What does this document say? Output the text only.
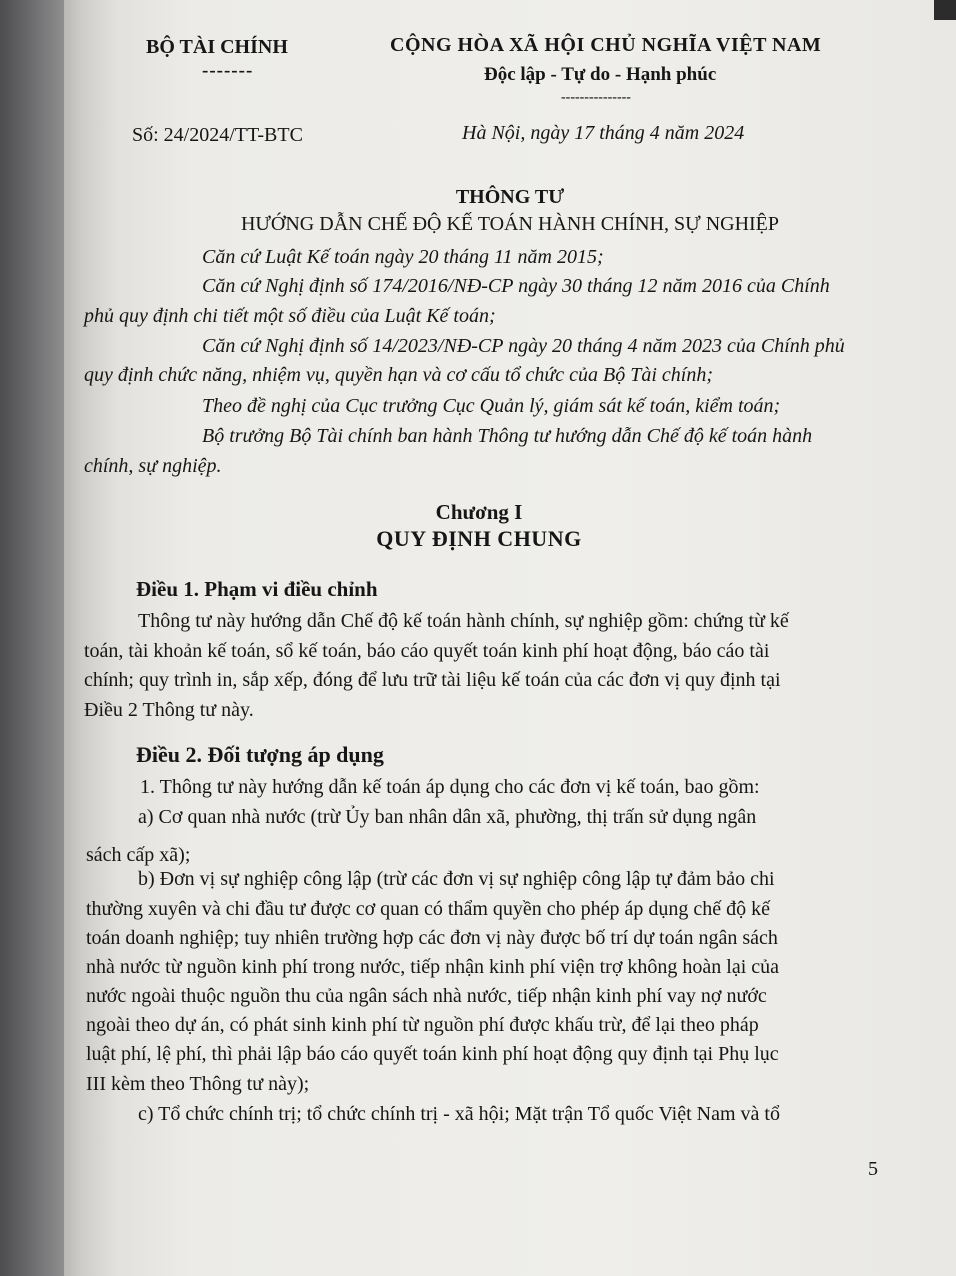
BỘ TÀI CHÍNH
-------
CỘNG HÒA XÃ HỘI CHỦ NGHĨA VIỆT NAM
Độc lập - Tự do - Hạnh phúc
---------------
Số: 24/2024/TT-BTC	Hà Nội, ngày 17 tháng 4 năm 2024
THÔNG TƯ
HƯỚNG DẪN CHẾ ĐỘ KẾ TOÁN HÀNH CHÍNH, SỰ NGHIỆP
Căn cứ Luật Kế toán ngày 20 tháng 11 năm 2015;
Căn cứ Nghị định số 174/2016/NĐ-CP ngày 30 tháng 12 năm 2016 của Chính
phủ quy định chi tiết một số điều của Luật Kế toán;
Căn cứ Nghị định số 14/2023/NĐ-CP ngày 20 tháng 4 năm 2023 của Chính phủ
quy định chức năng, nhiệm vụ, quyền hạn và cơ cấu tổ chức của Bộ Tài chính;
Theo đề nghị của Cục trưởng Cục Quản lý, giám sát kế toán, kiểm toán;
Bộ trưởng Bộ Tài chính ban hành Thông tư hướng dẫn Chế độ kế toán hành
chính, sự nghiệp.
Chương I
QUY ĐỊNH CHUNG
Điều 1. Phạm vi điều chỉnh
Thông tư này hướng dẫn Chế độ kế toán hành chính, sự nghiệp gồm: chứng từ kế
toán, tài khoản kế toán, sổ kế toán, báo cáo quyết toán kinh phí hoạt động, báo cáo tài
chính; quy trình in, sắp xếp, đóng để lưu trữ tài liệu kế toán của các đơn vị quy định tại
Điều 2 Thông tư này.
Điều 2. Đối tượng áp dụng
1. Thông tư này hướng dẫn kế toán áp dụng cho các đơn vị kế toán, bao gồm:
a) Cơ quan nhà nước (trừ Ủy ban nhân dân xã, phường, thị trấn sử dụng ngân
sách cấp xã);
b) Đơn vị sự nghiệp công lập (trừ các đơn vị sự nghiệp công lập tự đảm bảo chi
thường xuyên và chi đầu tư được cơ quan có thẩm quyền cho phép áp dụng chế độ kế
toán doanh nghiệp; tuy nhiên trường hợp các đơn vị này được bố trí dự toán ngân sách
nhà nước từ nguồn kinh phí trong nước, tiếp nhận kinh phí viện trợ không hoàn lại của
nước ngoài thuộc nguồn thu của ngân sách nhà nước, tiếp nhận kinh phí vay nợ nước
ngoài theo dự án, có phát sinh kinh phí từ nguồn phí được khấu trừ, để lại theo pháp
luật phí, lệ phí, thì phải lập báo cáo quyết toán kinh phí hoạt động quy định tại Phụ lục
III kèm theo Thông tư này);
c) Tổ chức chính trị; tổ chức chính trị - xã hội; Mặt trận Tổ quốc Việt Nam và tổ
5
